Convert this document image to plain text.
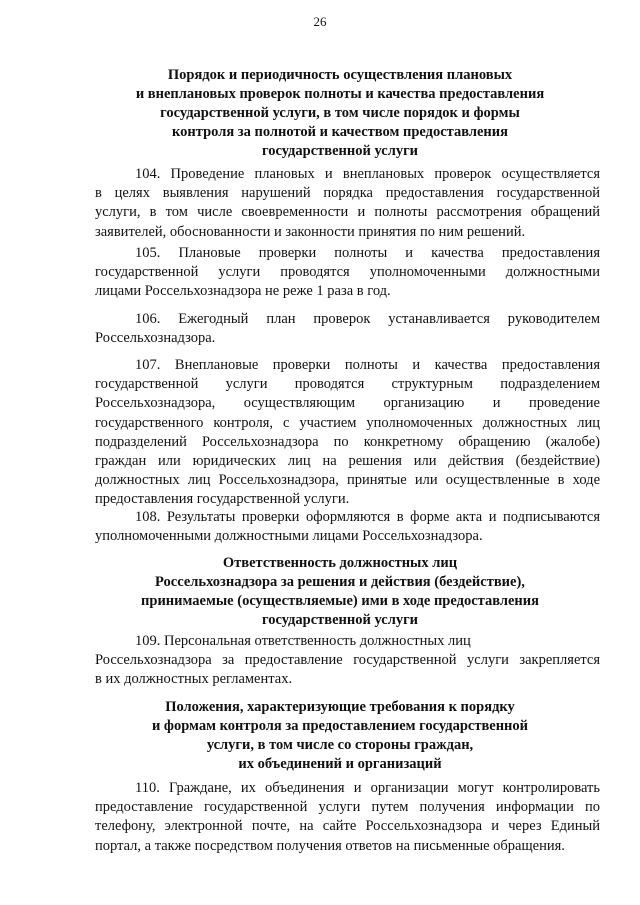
26
Порядок и периодичность осуществления плановых
и внеплановых проверок полноты и качества предоставления
государственной услуги, в том числе порядок и формы
контроля за полнотой и качеством предоставления
государственной услуги
104. Проведение плановых и внеплановых проверок осуществляется
в целях выявления нарушений порядка предоставления государственной
услуги, в том числе своевременности и полноты рассмотрения обращений
заявителей, обоснованности и законности принятия по ним решений.
105. Плановые проверки полноты и качества предоставления
государственной услуги проводятся уполномоченными должностными
лицами Россельхознадзора не реже 1 раза в год.
106. Ежегодный план проверок устанавливается руководителем
Россельхознадзора.
107. Внеплановые проверки полноты и качества предоставления
государственной услуги проводятся структурным подразделением
Россельхознадзора, осуществляющим организацию и проведение
государственного контроля, с участием уполномоченных должностных лиц
подразделений Россельхознадзора по конкретному обращению (жалобе)
граждан или юридических лиц на решения или действия (бездействие)
должностных лиц Россельхознадзора, принятые или осуществленные в ходе
предоставления государственной услуги.
108. Результаты проверки оформляются в форме акта и подписываются
уполномоченными должностными лицами Россельхознадзора.
Ответственность должностных лиц
Россельхознадзора за решения и действия (бездействие),
принимаемые (осуществляемые) ими в ходе предоставления
государственной услуги
109. Персональная ответственность должностных лиц
Россельхознадзора за предоставление государственной услуги закрепляется
в их должностных регламентах.
Положения, характеризующие требования к порядку
и формам контроля за предоставлением государственной
услуги, в том числе со стороны граждан,
их объединений и организаций
110. Граждане, их объединения и организации могут контролировать
предоставление государственной услуги путем получения информации по
телефону, электронной почте, на сайте Россельхознадзора и через Единый
портал, а также посредством получения ответов на письменные обращения.
